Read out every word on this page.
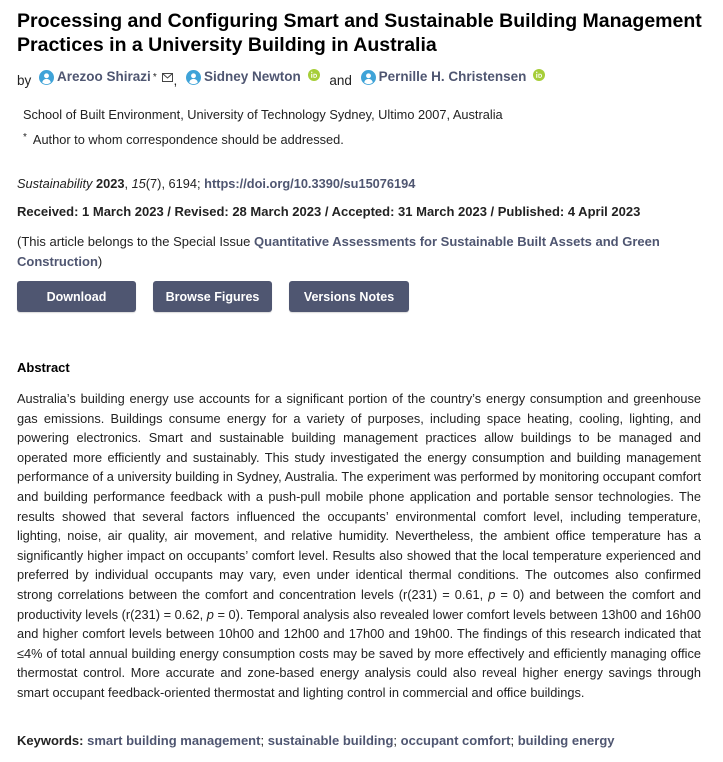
Processing and Configuring Smart and Sustainable Building Management Practices in a University Building in Australia
by Arezoo Shirazi * , Sidney Newton and Pernille H. Christensen

School of Built Environment, University of Technology Sydney, Ultimo 2007, Australia
* Author to whom correspondence should be addressed.
Sustainability 2023, 15(7), 6194; https://doi.org/10.3390/su15076194
Received: 1 March 2023 / Revised: 28 March 2023 / Accepted: 31 March 2023 / Published: 4 April 2023
(This article belongs to the Special Issue Quantitative Assessments for Sustainable Built Assets and Green Construction)
Download	Browse Figures	Versions Notes
Abstract

Australia’s building energy use accounts for a significant portion of the country’s energy consumption and greenhouse gas emissions. Buildings consume energy for a variety of purposes, including space heating, cooling, lighting, and powering electronics. Smart and sustainable building management practices allow buildings to be managed and operated more efficiently and sustainably. This study investigated the energy consumption and building management performance of a university building in Sydney, Australia. The experiment was performed by monitoring occupant comfort and building performance feedback with a push-pull mobile phone application and portable sensor technologies. The results showed that several factors influenced the occupants’ environmental comfort level, including temperature, lighting, noise, air quality, air movement, and relative humidity. Nevertheless, the ambient office temperature has a significantly higher impact on occupants’ comfort level. Results also showed that the local temperature experienced and preferred by individual occupants may vary, even under identical thermal conditions. The outcomes also confirmed strong correlations between the comfort and concentration levels (r(231) = 0.61, p = 0) and between the comfort and productivity levels (r(231) = 0.62, p = 0). Temporal analysis also revealed lower comfort levels between 13h00 and 16h00 and higher comfort levels between 10h00 and 12h00 and 17h00 and 19h00. The findings of this research indicated that ≤4% of total annual building energy consumption costs may be saved by more effectively and efficiently managing office thermostat control. More accurate and zone-based energy analysis could also reveal higher energy savings through smart occupant feedback-oriented thermostat and lighting control in commercial and office buildings.

Keywords: smart building management; sustainable building; occupant comfort; building energy
